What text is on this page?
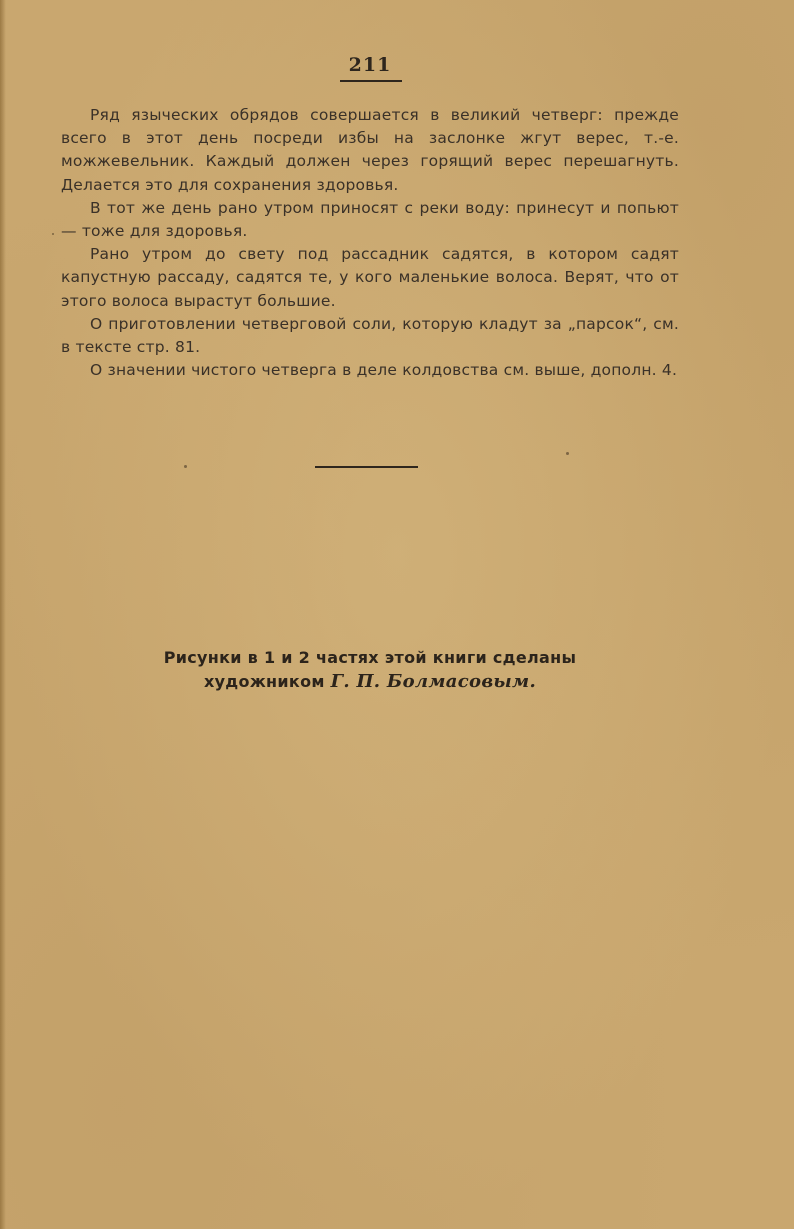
211

Ряд языческих обрядов совершается в великий четверг: прежде всего в этот день посреди избы на заслонке жгут верес, т.-е. можжевельник. Каждый должен через горящий верес перешагнуть. Делается это для сохранения здоровья.

В тот же день рано утром приносят с реки воду: принесут и попьют — тоже для здоровья.

Рано утром до свету под рассадник садятся, в котором садят капустную рассаду, садятся те, у кого маленькие волоса. Верят, что от этого волоса вырастут большие.

О приготовлении четверговой соли, которую кладут за „парсок“, см. в тексте стр. 81.

О значении чистого четверга в деле колдовства см. выше, дополн. 4.

Рисунки в 1 и 2 частях этой книги сделаны
художником Г. П. Болмасовым.
